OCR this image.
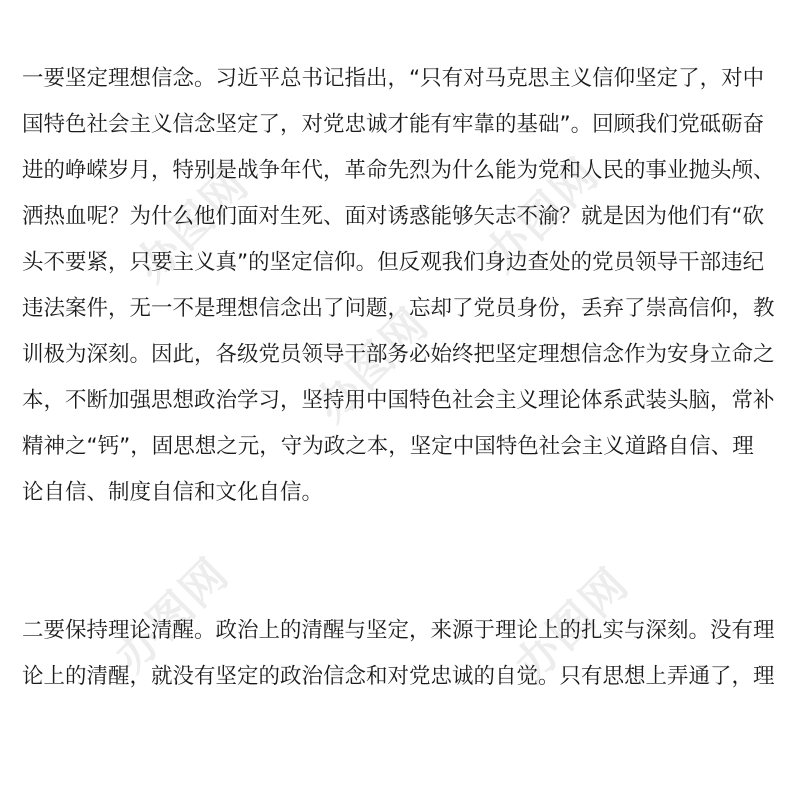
办图网	办图网
办图网
办图网	办图网
一要坚定理想信念。习近平总书记指出，“只有对马克思主义信仰坚定了，对中
国特色社会主义信念坚定了，对党忠诚才能有牢靠的基础”。回顾我们党砥砺奋
进的峥嵘岁月，特别是战争年代，革命先烈为什么能为党和人民的事业抛头颅、
洒热血呢？为什么他们面对生死、面对诱惑能够矢志不渝？就是因为他们有“砍
头不要紧，只要主义真”的坚定信仰。但反观我们身边查处的党员领导干部违纪
违法案件，无一不是理想信念出了问题，忘却了党员身份，丢弃了崇高信仰，教
训极为深刻。因此，各级党员领导干部务必始终把坚定理想信念作为安身立命之
本，不断加强思想政治学习，坚持用中国特色社会主义理论体系武装头脑，常补
精神之“钙”，固思想之元，守为政之本，坚定中国特色社会主义道路自信、理
论自信、制度自信和文化自信。
二要保持理论清醒。政治上的清醒与坚定，来源于理论上的扎实与深刻。没有理
论上的清醒，就没有坚定的政治信念和对党忠诚的自觉。只有思想上弄通了，理
